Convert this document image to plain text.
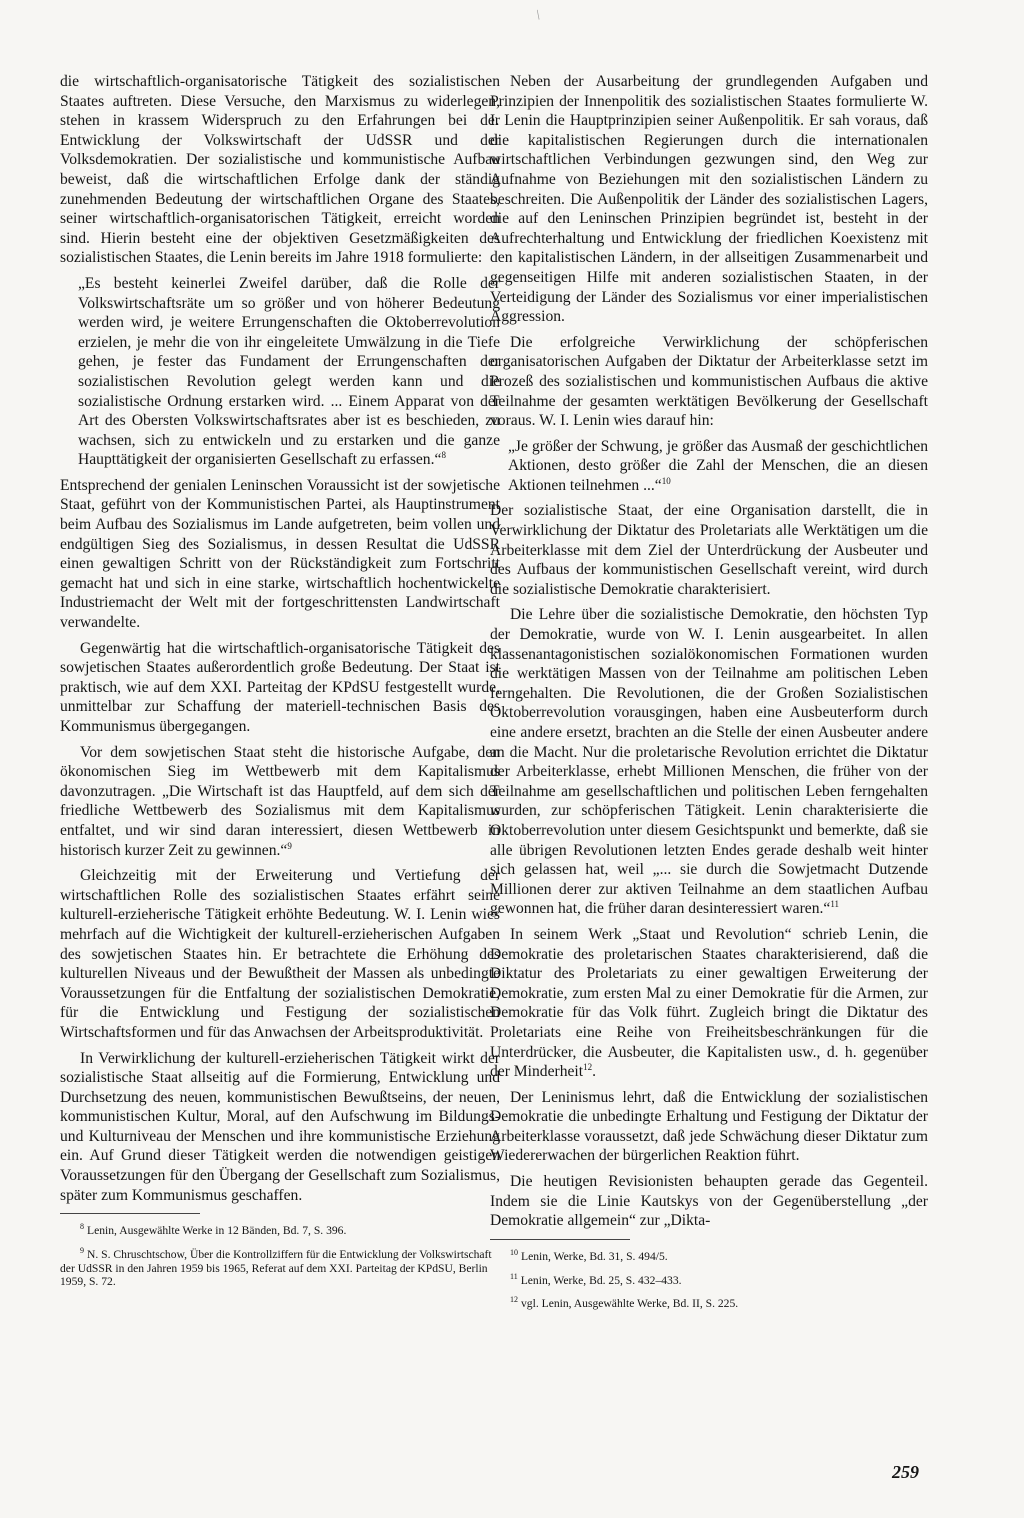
/

die wirtschaftlich-organisatorische Tätigkeit des sozialistischen Staates auftreten. Diese Versuche, den Marxismus zu widerlegen, stehen in krassem Widerspruch zu den Erfahrungen bei der Entwicklung der Volkswirtschaft der UdSSR und der Volksdemokratien. Der sozialistische und kommunistische Aufbau beweist, daß die wirtschaftlichen Erfolge dank der ständig zunehmenden Bedeutung der wirtschaftlichen Organe des Staates, seiner wirtschaftlich-organisatorischen Tätigkeit, erreicht worden sind. Hierin besteht eine der objektiven Gesetzmäßigkeiten des sozialistischen Staates, die Lenin bereits im Jahre 1918 formulierte:

„Es besteht keinerlei Zweifel darüber, daß die Rolle der Volkswirtschaftsräte um so größer und von höherer Bedeutung werden wird, je weitere Errungenschaften die Oktoberrevolution erzielen, je mehr die von ihr eingeleitete Umwälzung in die Tiefe gehen, je fester das Fundament der Errungenschaften der sozialistischen Revolution gelegt werden kann und die sozialistische Ordnung erstarken wird. ... Einem Apparat von der Art des Obersten Volkswirtschaftsrates aber ist es beschieden, zu wachsen, sich zu entwickeln und zu erstarken und die ganze Haupttätigkeit der organisierten Gesellschaft zu erfassen.“$^8$

Entsprechend der genialen Leninschen Voraussicht ist der sowjetische Staat, geführt von der Kommunistischen Partei, als Hauptinstrument beim Aufbau des Sozialismus im Lande aufgetreten, beim vollen und endgültigen Sieg des Sozialismus, in dessen Resultat die UdSSR einen gewaltigen Schritt von der Rückständigkeit zum Fortschritt gemacht hat und sich in eine starke, wirtschaftlich hochentwickelte Industriemacht der Welt mit der fortgeschrittensten Landwirtschaft verwandelte.

Gegenwärtig hat die wirtschaftlich-organisatorische Tätigkeit des sowjetischen Staates außerordentlich große Bedeutung. Der Staat ist praktisch, wie auf dem XXI. Parteitag der KPdSU festgestellt wurde, unmittelbar zur Schaffung der materiell-technischen Basis des Kommunismus übergegangen.

Vor dem sowjetischen Staat steht die historische Aufgabe, den ökonomischen Sieg im Wettbewerb mit dem Kapitalismus davonzutragen. „Die Wirtschaft ist das Hauptfeld, auf dem sich der friedliche Wettbewerb des Sozialismus mit dem Kapitalismus entfaltet, und wir sind daran interessiert, diesen Wettbewerb in historisch kurzer Zeit zu gewinnen.“$^9$

Gleichzeitig mit der Erweiterung und Vertiefung der wirtschaftlichen Rolle des sozialistischen Staates erfährt seine kulturell-erzieherische Tätigkeit erhöhte Bedeutung. W. I. Lenin wies mehrfach auf die Wichtigkeit der kulturell-erzieherischen Aufgaben des sowjetischen Staates hin. Er betrachtete die Erhöhung des kulturellen Niveaus und der Bewußtheit der Massen als unbedingte Voraussetzungen für die Entfaltung der sozialistischen Demokratie, für die Entwicklung und Festigung der sozialistischen Wirtschaftsformen und für das Anwachsen der Arbeitsproduktivität.

In Verwirklichung der kulturell-erzieherischen Tätigkeit wirkt der sozialistische Staat allseitig auf die Formierung, Entwicklung und Durchsetzung des neuen, kommunistischen Bewußtseins, der neuen, kommunistischen Kultur, Moral, auf den Aufschwung im Bildungs- und Kulturniveau der Menschen und ihre kommunistische Erziehung ein. Auf Grund dieser Tätigkeit werden die notwendigen geistigen Voraussetzungen für den Übergang der Gesellschaft zum Sozialismus, später zum Kommunismus geschaffen.

$^8$ Lenin, Ausgewählte Werke in 12 Bänden, Bd. 7, S. 396.

$^9$ N. S. Chruschtschow, Über die Kontrollziffern für die Entwicklung der Volkswirtschaft der UdSSR in den Jahren 1959 bis 1965, Referat auf dem XXI. Parteitag der KPdSU, Berlin 1959, S. 72.

Neben der Ausarbeitung der grundlegenden Aufgaben und Prinzipien der Innenpolitik des sozialistischen Staates formulierte W. I. Lenin die Hauptprinzipien seiner Außenpolitik. Er sah voraus, daß die kapitalistischen Regierungen durch die internationalen wirtschaftlichen Verbindungen gezwungen sind, den Weg zur Aufnahme von Beziehungen mit den sozialistischen Ländern zu beschreiten. Die Außenpolitik der Länder des sozialistischen Lagers, die auf den Leninschen Prinzipien begründet ist, besteht in der Aufrechterhaltung und Entwicklung der friedlichen Koexistenz mit den kapitalistischen Ländern, in der allseitigen Zusammenarbeit und gegenseitigen Hilfe mit anderen sozialistischen Staaten, in der Verteidigung der Länder des Sozialismus vor einer imperialistischen Aggression.

Die erfolgreiche Verwirklichung der schöpferischen organisatorischen Aufgaben der Diktatur der Arbeiterklasse setzt im Prozeß des sozialistischen und kommunistischen Aufbaus die aktive Teilnahme der gesamten werktätigen Bevölkerung der Gesellschaft voraus. W. I. Lenin wies darauf hin:

„Je größer der Schwung, je größer das Ausmaß der geschichtlichen Aktionen, desto größer die Zahl der Menschen, die an diesen Aktionen teilnehmen ...“$^{10}$

Der sozialistische Staat, der eine Organisation darstellt, die in Verwirklichung der Diktatur des Proletariats alle Werktätigen um die Arbeiterklasse mit dem Ziel der Unterdrückung der Ausbeuter und des Aufbaus der kommunistischen Gesellschaft vereint, wird durch die sozialistische Demokratie charakterisiert.

Die Lehre über die sozialistische Demokratie, den höchsten Typ der Demokratie, wurde von W. I. Lenin ausgearbeitet. In allen klassenantagonistischen sozialökonomischen Formationen wurden die werktätigen Massen von der Teilnahme am politischen Leben ferngehalten. Die Revolutionen, die der Großen Sozialistischen Oktoberrevolution vorausgingen, haben eine Ausbeuterform durch eine andere ersetzt, brachten an die Stelle der einen Ausbeuter andere an die Macht. Nur die proletarische Revolution errichtet die Diktatur der Arbeiterklasse, erhebt Millionen Menschen, die früher von der Teilnahme am gesellschaftlichen und politischen Leben ferngehalten wurden, zur schöpferischen Tätigkeit. Lenin charakterisierte die Oktoberrevolution unter diesem Gesichtspunkt und bemerkte, daß sie alle übrigen Revolutionen letzten Endes gerade deshalb weit hinter sich gelassen hat, weil „... sie durch die Sowjetmacht Dutzende Millionen derer zur aktiven Teilnahme an dem staatlichen Aufbau gewonnen hat, die früher daran desinteressiert waren.“$^{11}$

In seinem Werk „Staat und Revolution“ schrieb Lenin, die Demokratie des proletarischen Staates charakterisierend, daß die Diktatur des Proletariats zu einer gewaltigen Erweiterung der Demokratie, zum ersten Mal zu einer Demokratie für die Armen, zur Demokratie für das Volk führt. Zugleich bringt die Diktatur des Proletariats eine Reihe von Freiheitsbeschränkungen für die Unterdrücker, die Ausbeuter, die Kapitalisten usw., d. h. gegenüber der Minderheit$^{12}$.

Der Leninismus lehrt, daß die Entwicklung der sozialistischen Demokratie die unbedingte Erhaltung und Festigung der Diktatur der Arbeiterklasse voraussetzt, daß jede Schwächung dieser Diktatur zum Wiedererwachen der bürgerlichen Reaktion führt.

Die heutigen Revisionisten behaupten gerade das Gegenteil. Indem sie die Linie Kautskys von der Gegenüberstellung „der Demokratie allgemein“ zur „Dikta-

$^{10}$ Lenin, Werke, Bd. 31, S. 494/5.

$^{11}$ Lenin, Werke, Bd. 25, S. 432–433.

$^{12}$ vgl. Lenin, Ausgewählte Werke, Bd. II, S. 225.

259
